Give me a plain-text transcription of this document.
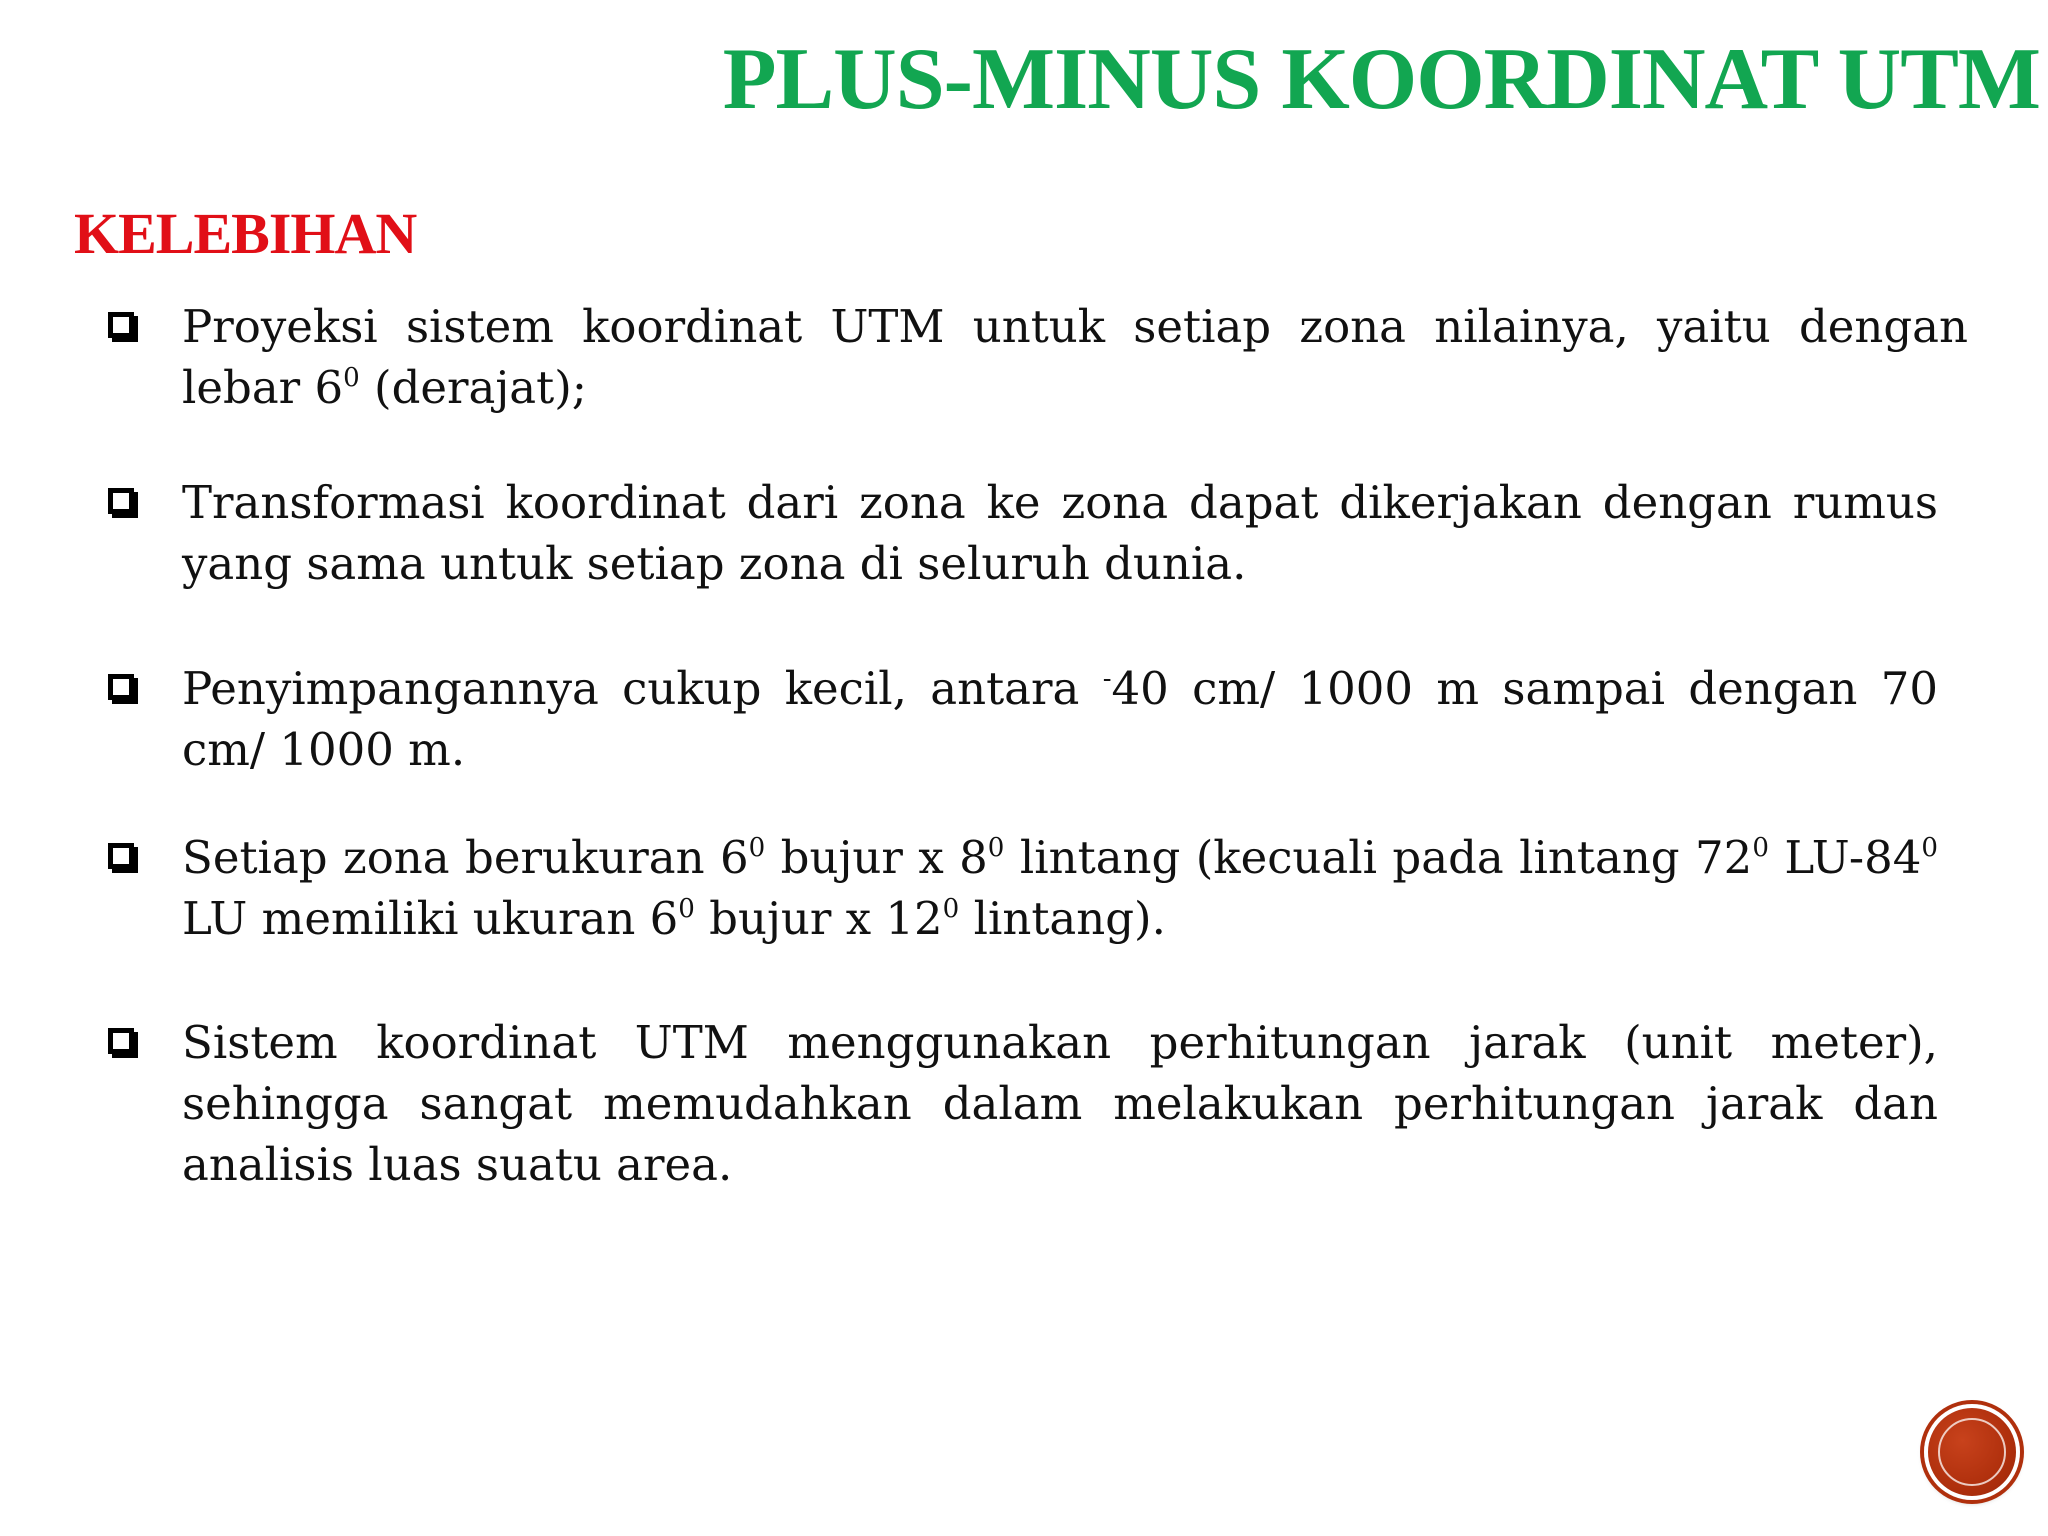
PLUS-MINUS KOORDINAT UTM
KELEBIHAN
Proyeksi sistem koordinat UTM untuk setiap zona nilainya, yaitu dengan lebar $6^0$ (derajat);
Transformasi koordinat dari zona ke zona dapat dikerjakan dengan rumus yang sama untuk setiap zona di seluruh dunia.
Penyimpangannya cukup kecil, antara -40 cm/ 1000 m sampai dengan 70 cm/ 1000 m.
Setiap zona berukuran $6^0$ bujur x $8^0$ lintang (kecuali pada lintang $72^0$ $LU-84^0$ LU memiliki ukuran $6^0$ bujur x $12^0$ lintang).
Sistem koordinat UTM menggunakan perhitungan jarak (unit meter), sehingga sangat memudahkan dalam melakukan perhitungan jarak dan analisis luas suatu area.
